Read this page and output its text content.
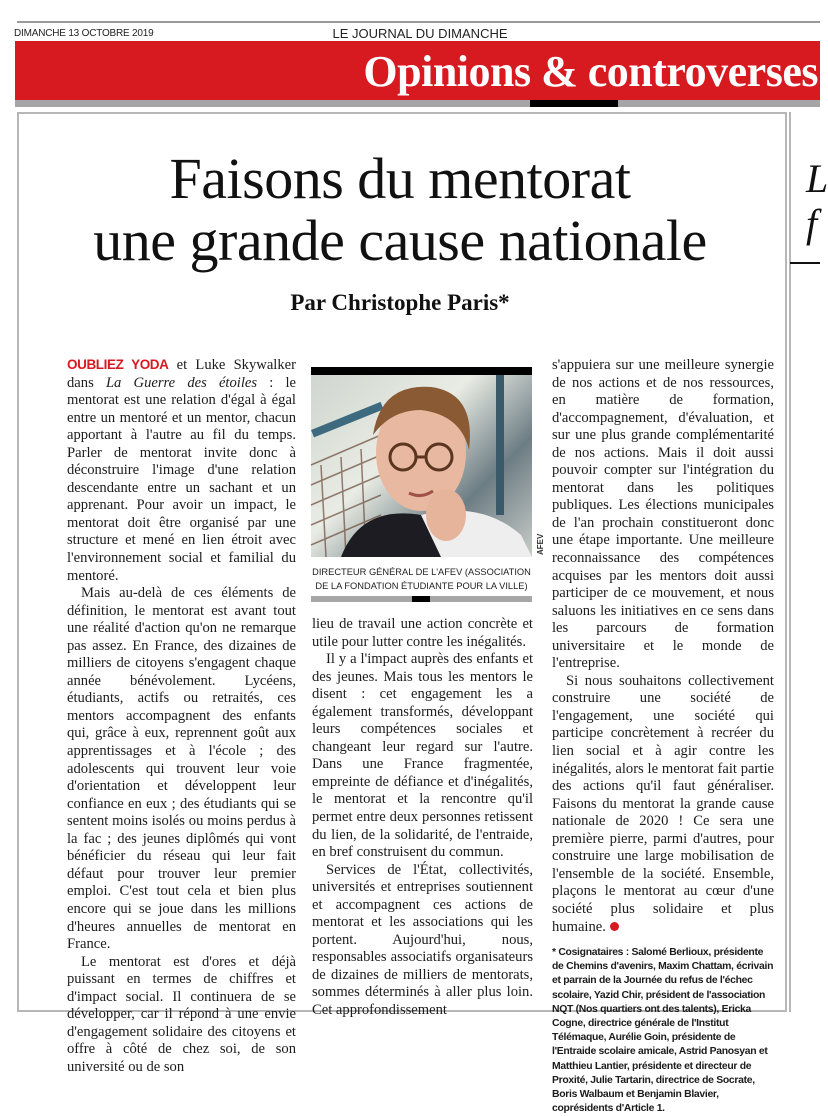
DIMANCHE 13 OCTOBRE 2019	LE JOURNAL DU DIMANCHE
Opinions & controverses
Faisons du mentorat
une grande cause nationale
Par Christophe Paris*

OUBLIEZ YODA et Luke Skywalker dans La Guerre des étoiles : le mentorat est une relation d'égal à égal entre un mentoré et un mentor, chacun apportant à l'autre au fil du temps. Parler de mentorat invite donc à déconstruire l'image d'une relation descendante entre un sachant et un apprenant. Pour avoir un impact, le mentorat doit être organisé par une structure et mené en lien étroit avec l'environnement social et familial du mentoré.

Mais au-delà de ces éléments de définition, le mentorat est avant tout une réalité d'action qu'on ne remarque pas assez. En France, des dizaines de milliers de citoyens s'engagent chaque année bénévolement. Lycéens, étudiants, actifs ou retraités, ces mentors accompagnent des enfants qui, grâce à eux, reprennent goût aux apprentissages et à l'école ; des adolescents qui trouvent leur voie d'orientation et développent leur confiance en eux ; des étudiants qui se sentent moins isolés ou moins perdus à la fac ; des jeunes diplômés qui vont bénéficier du réseau qui leur fait défaut pour trouver leur premier emploi. C'est tout cela et bien plus encore qui se joue dans les millions d'heures annuelles de mentorat en France.

Le mentorat est d'ores et déjà puissant en termes de chiffres et d'impact social. Il continuera de se développer, car il répond à une envie d'engagement solidaire des citoyens et offre à côté de chez soi, de son université ou de son

AFEV
DIRECTEUR GÉNÉRAL DE L'AFEV (ASSOCIATION
DE LA FONDATION ÉTUDIANTE POUR LA VILLE)

lieu de travail une action concrète et utile pour lutter contre les inégalités.

Il y a l'impact auprès des enfants et des jeunes. Mais tous les mentors le disent : cet engagement les a également transformés, développant leurs compétences sociales et changeant leur regard sur l'autre. Dans une France fragmentée, empreinte de défiance et d'inégalités, le mentorat et la rencontre qu'il permet entre deux personnes retissent du lien, de la solidarité, de l'entraide, en bref construisent du commun.

Services de l'État, collectivités, universités et entreprises soutiennent et accompagnent ces actions de mentorat et les associations qui les portent. Aujourd'hui, nous, responsables associatifs organisateurs de dizaines de milliers de mentorats, sommes déterminés à aller plus loin. Cet approfondissement

s'appuiera sur une meilleure synergie de nos actions et de nos ressources, en matière de formation, d'accompagnement, d'évaluation, et sur une plus grande complémentarité de nos actions. Mais il doit aussi pouvoir compter sur l'intégration du mentorat dans les politiques publiques. Les élections municipales de l'an prochain constitueront donc une étape importante. Une meilleure reconnaissance des compétences acquises par les mentors doit aussi participer de ce mouvement, et nous saluons les initiatives en ce sens dans les parcours de formation universitaire et le monde de l'entreprise.

Si nous souhaitons collectivement construire une société de l'engagement, une société qui participe concrètement à recréer du lien social et à agir contre les inégalités, alors le mentorat fait partie des actions qu'il faut généraliser. Faisons du mentorat la grande cause nationale de 2020 ! Ce sera une première pierre, parmi d'autres, pour construire une large mobilisation de l'ensemble de la société. Ensemble, plaçons le mentorat au cœur d'une société plus solidaire et plus humaine.

* Cosignataires : Salomé Berlioux, présidente de Chemins d'avenirs, Maxim Chattam, écrivain et parrain de la Journée du refus de l'échec scolaire, Yazid Chir, président de l'association NQT (Nos quartiers ont des talents), Ericka Cogne, directrice générale de l'Institut Télémaque, Aurélie Goin, présidente de l'Entraide scolaire amicale, Astrid Panosyan et Matthieu Lantier, présidente et directeur de Proxité, Julie Tartarin, directrice de Socrate, Boris Walbaum et Benjamin Blavier, coprésidents d'Article 1.
L
f
